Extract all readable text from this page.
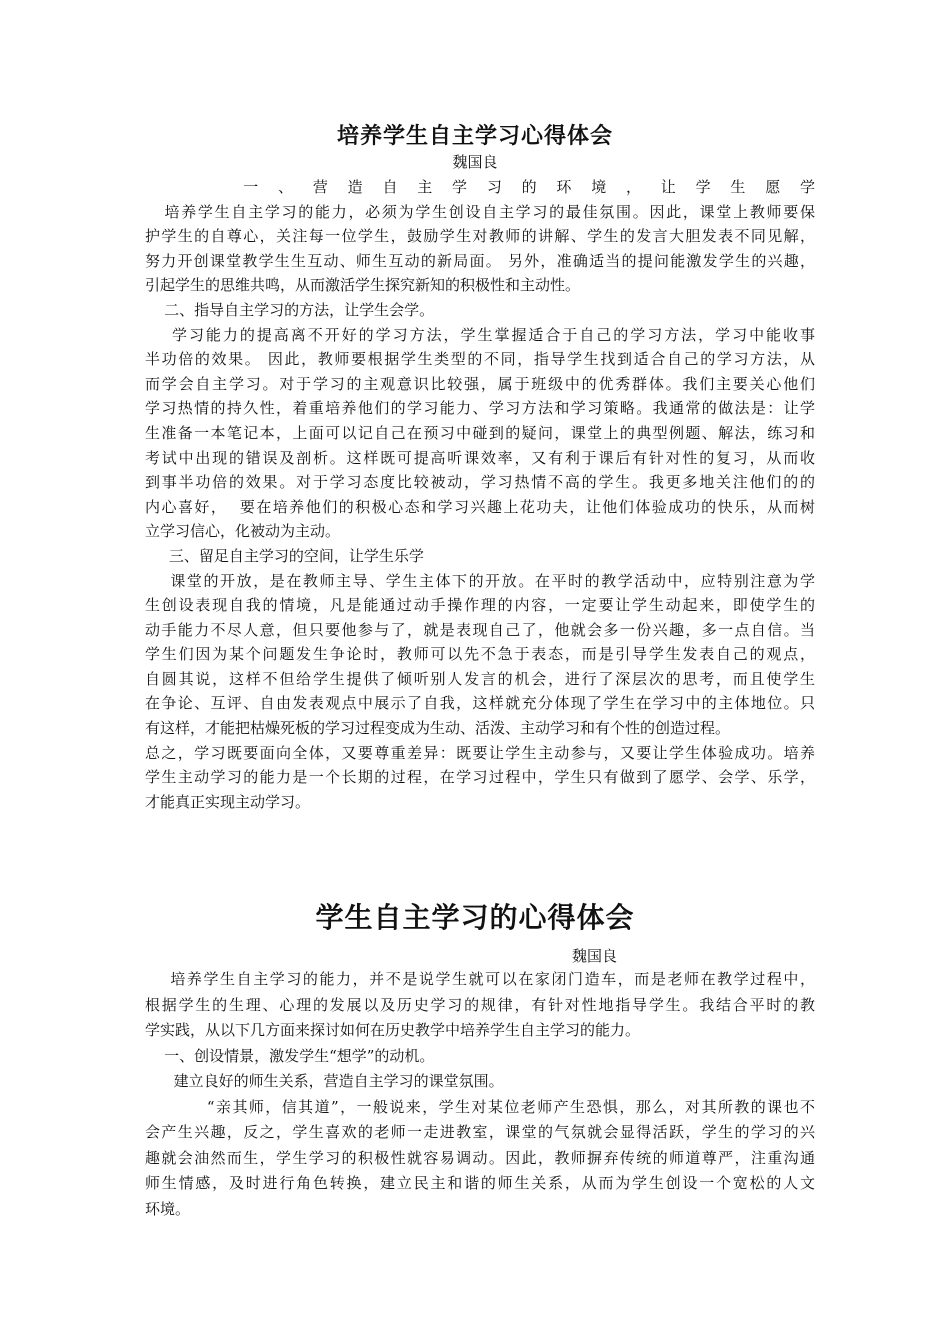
培养学生自主学习心得体会
魏国良
一、营造自主学习的环境，让学生愿学
培养学生自主学习的能力，必须为学生创设自主学习的最佳氛围。因此，课堂上教师要保
护学生的自尊心，关注每一位学生，鼓励学生对教师的讲解、学生的发言大胆发表不同见解，
努力开创课堂教学生生互动、师生互动的新局面。 另外，准确适当的提问能激发学生的兴趣，
引起学生的思维共鸣，从而激活学生探究新知的积极性和主动性。
二、指导自主学习的方法，让学生会学。
学习能力的提高离不开好的学习方法，学生掌握适合于自己的学习方法，学习中能收事
半功倍的效果。 因此，教师要根据学生类型的不同，指导学生找到适合自己的学习方法，从
而学会自主学习。对于学习的主观意识比较强，属于班级中的优秀群体。我们主要关心他们
学习热情的持久性，着重培养他们的学习能力、学习方法和学习策略。我通常的做法是：让学
生准备一本笔记本，上面可以记自己在预习中碰到的疑问，课堂上的典型例题、解法，练习和
考试中出现的错误及剖析。这样既可提高听课效率，又有利于课后有针对性的复习，从而收
到事半功倍的效果。对于学习态度比较被动，学习热情不高的学生。我更多地关注他们的的
内心喜好，  要在培养他们的积极心态和学习兴趣上花功夫，让他们体验成功的快乐，从而树
立学习信心，化被动为主动。
三、留足自主学习的空间，让学生乐学
课堂的开放，是在教师主导、学生主体下的开放。在平时的教学活动中，应特别注意为学
生创设表现自我的情境，凡是能通过动手操作理的内容，一定要让学生动起来，即使学生的
动手能力不尽人意，但只要他参与了，就是表现自己了，他就会多一份兴趣，多一点自信。当
学生们因为某个问题发生争论时，教师可以先不急于表态，而是引导学生发表自己的观点，
自圆其说，这样不但给学生提供了倾听别人发言的机会，进行了深层次的思考，而且使学生
在争论、互评、自由发表观点中展示了自我，这样就充分体现了学生在学习中的主体地位。只
有这样，才能把枯燥死板的学习过程变成为生动、活泼、主动学习和有个性的创造过程。
总之，学习既要面向全体，又要尊重差异：既要让学生主动参与，又要让学生体验成功。培养
学生主动学习的能力是一个长期的过程，在学习过程中，学生只有做到了愿学、会学、乐学，
才能真正实现主动学习。
学生自主学习的心得体会
魏国良
培养学生自主学习的能力，并不是说学生就可以在家闭门造车，而是老师在教学过程中，
根据学生的生理、心理的发展以及历史学习的规律，有针对性地指导学生。我结合平时的教
学实践，从以下几方面来探讨如何在历史教学中培养学生自主学习的能力。
一、创设情景，激发学生“想学”的动机。
建立良好的师生关系，营造自主学习的课堂氛围。
“亲其师，信其道”，一般说来，学生对某位老师产生恐惧，那么，对其所教的课也不
会产生兴趣，反之，学生喜欢的老师一走进教室，课堂的气氛就会显得活跃，学生的学习的兴
趣就会油然而生，学生学习的积极性就容易调动。因此，教师摒弃传统的师道尊严，注重沟通
师生情感，及时进行角色转换，建立民主和谐的师生关系，从而为学生创设一个宽松的人文
环境。
